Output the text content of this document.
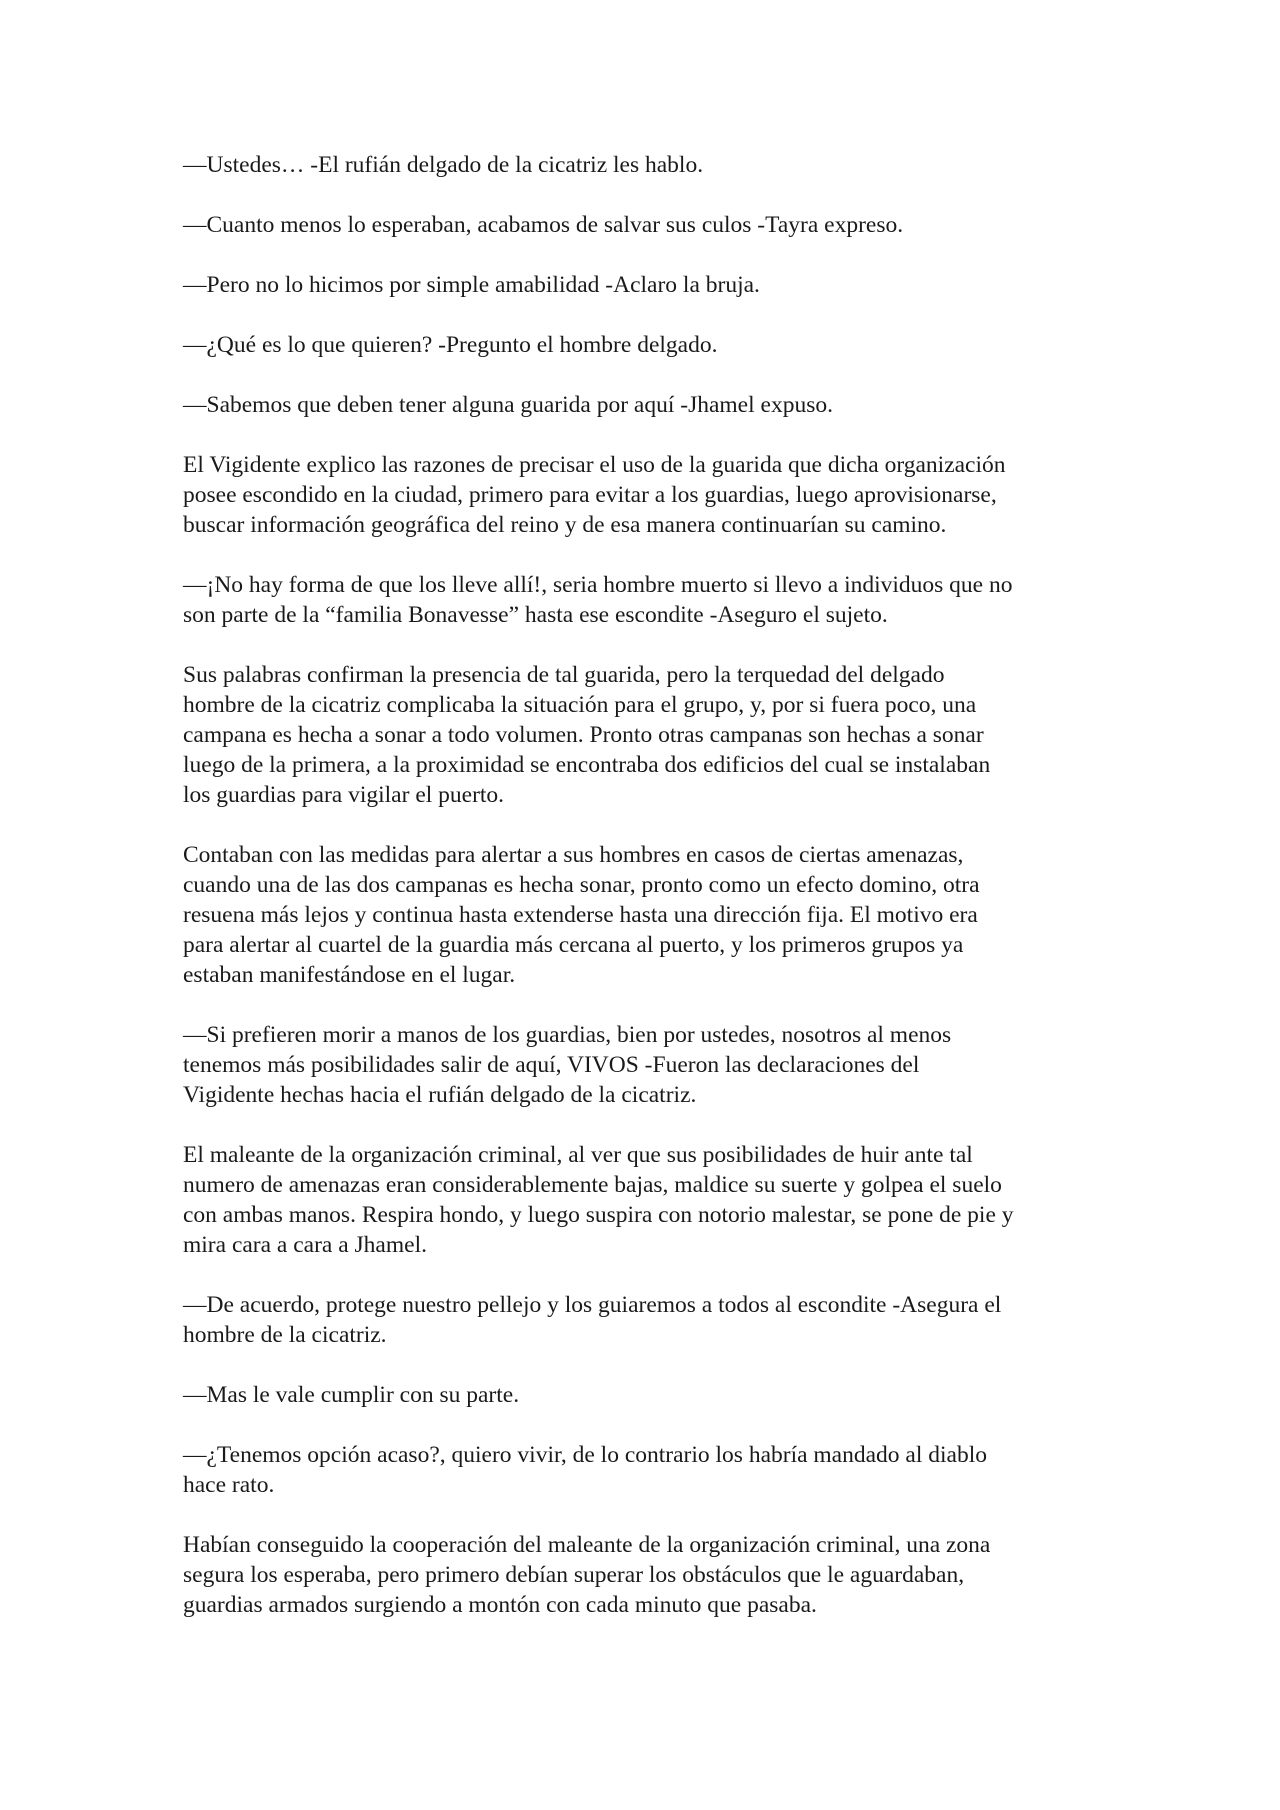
—Ustedes… -El rufián delgado de la cicatriz les hablo.

—Cuanto menos lo esperaban, acabamos de salvar sus culos -Tayra expreso.

—Pero no lo hicimos por simple amabilidad -Aclaro la bruja.

—¿Qué es lo que quieren? -Pregunto el hombre delgado.

—Sabemos que deben tener alguna guarida por aquí -Jhamel expuso.

El Vigidente explico las razones de precisar el uso de la guarida que dicha organización
posee escondido en la ciudad, primero para evitar a los guardias, luego aprovisionarse,
buscar información geográfica del reino y de esa manera continuarían su camino.

—¡No hay forma de que los lleve allí!, seria hombre muerto si llevo a individuos que no
son parte de la “familia Bonavesse” hasta ese escondite -Aseguro el sujeto.

Sus palabras confirman la presencia de tal guarida, pero la terquedad del delgado
hombre de la cicatriz complicaba la situación para el grupo, y, por si fuera poco, una
campana es hecha a sonar a todo volumen. Pronto otras campanas son hechas a sonar
luego de la primera, a la proximidad se encontraba dos edificios del cual se instalaban
los guardias para vigilar el puerto.

Contaban con las medidas para alertar a sus hombres en casos de ciertas amenazas,
cuando una de las dos campanas es hecha sonar, pronto como un efecto domino, otra
resuena más lejos y continua hasta extenderse hasta una dirección fija. El motivo era
para alertar al cuartel de la guardia más cercana al puerto, y los primeros grupos ya
estaban manifestándose en el lugar.

—Si prefieren morir a manos de los guardias, bien por ustedes, nosotros al menos
tenemos más posibilidades salir de aquí, VIVOS -Fueron las declaraciones del
Vigidente hechas hacia el rufián delgado de la cicatriz.

El maleante de la organización criminal, al ver que sus posibilidades de huir ante tal
numero de amenazas eran considerablemente bajas, maldice su suerte y golpea el suelo
con ambas manos. Respira hondo, y luego suspira con notorio malestar, se pone de pie y
mira cara a cara a Jhamel.

—De acuerdo, protege nuestro pellejo y los guiaremos a todos al escondite -Asegura el
hombre de la cicatriz.

—Mas le vale cumplir con su parte.

—¿Tenemos opción acaso?, quiero vivir, de lo contrario los habría mandado al diablo
hace rato.

Habían conseguido la cooperación del maleante de la organización criminal, una zona
segura los esperaba, pero primero debían superar los obstáculos que le aguardaban,
guardias armados surgiendo a montón con cada minuto que pasaba.
